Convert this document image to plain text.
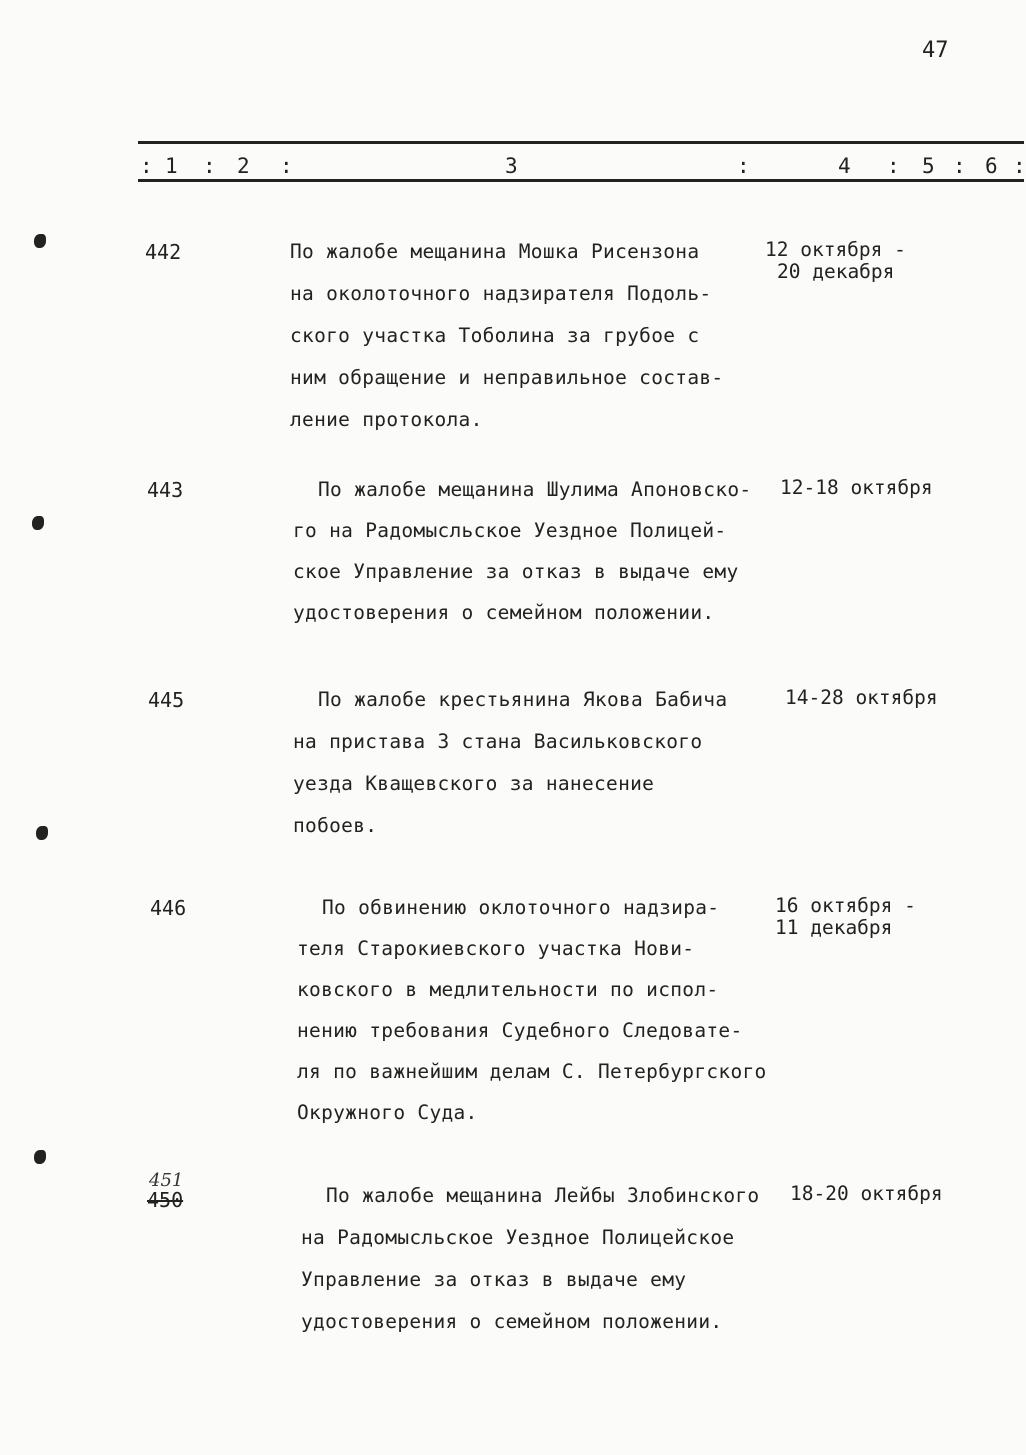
47
: 1 : 2 :	3	:	4 : 5 : 6 :
442	По жалобе мещанина Мошка Рисензона
на околоточного надзирателя Подоль-
ского участка Тоболина за грубое с
ним обращение и неправильное состав-
ление протокола.
12 октября -
20 декабря
443	По жалобе мещанина Шулима Апоновско-
го на Радомысльское Уездное Полицей-
ское Управление за отказ в выдаче ему
удостоверения о семейном положении.
12-18 октября
445	По жалобе крестьянина Якова Бабича
на пристава 3 стана Васильковского
уезда Кващевского за нанесение
побоев.
14-28 октября
446	По обвинению оклоточного надзира-
теля Старокиевского участка Нови-
ковского в медлительности по испол-
нению требования Судебного Следовате-
ля по важнейшим делам С. Петербургского
Окружного Суда.
16 октября -
11 декабря
451
450	По жалобе мещанина Лейбы Злобинского
на Радомысльское Уездное Полицейское
Управление за отказ в выдаче ему
удостоверения о семейном положении.
18-20 октября
